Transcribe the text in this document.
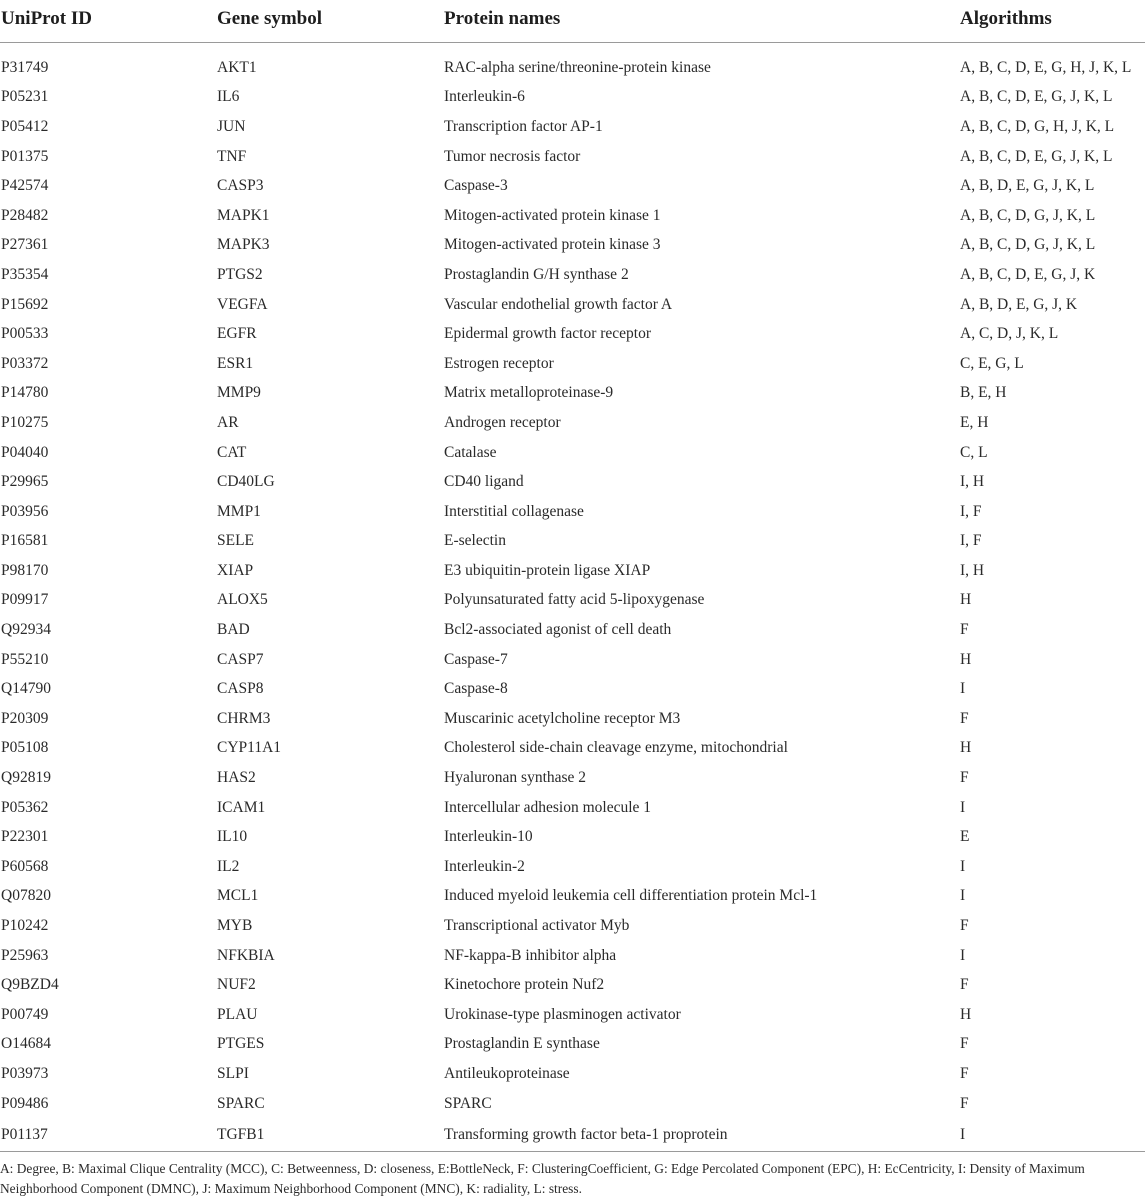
UniProt ID	Gene symbol	Protein names	Algorithms
P31749	AKT1	RAC-alpha serine/threonine-protein kinase	A, B, C, D, E, G, H, J, K, L
P05231	IL6	Interleukin-6	A, B, C, D, E, G, J, K, L
P05412	JUN	Transcription factor AP-1	A, B, C, D, G, H, J, K, L
P01375	TNF	Tumor necrosis factor	A, B, C, D, E, G, J, K, L
P42574	CASP3	Caspase-3	A, B, D, E, G, J, K, L
P28482	MAPK1	Mitogen-activated protein kinase 1	A, B, C, D, G, J, K, L
P27361	MAPK3	Mitogen-activated protein kinase 3	A, B, C, D, G, J, K, L
P35354	PTGS2	Prostaglandin G/H synthase 2	A, B, C, D, E, G, J, K
P15692	VEGFA	Vascular endothelial growth factor A	A, B, D, E, G, J, K
P00533	EGFR	Epidermal growth factor receptor	A, C, D, J, K, L
P03372	ESR1	Estrogen receptor	C, E, G, L
P14780	MMP9	Matrix metalloproteinase-9	B, E, H
P10275	AR	Androgen receptor	E, H
P04040	CAT	Catalase	C, L
P29965	CD40LG	CD40 ligand	I, H
P03956	MMP1	Interstitial collagenase	I, F
P16581	SELE	E-selectin	I, F
P98170	XIAP	E3 ubiquitin-protein ligase XIAP	I, H
P09917	ALOX5	Polyunsaturated fatty acid 5-lipoxygenase	H
Q92934	BAD	Bcl2-associated agonist of cell death	F
P55210	CASP7	Caspase-7	H
Q14790	CASP8	Caspase-8	I
P20309	CHRM3	Muscarinic acetylcholine receptor M3	F
P05108	CYP11A1	Cholesterol side-chain cleavage enzyme, mitochondrial	H
Q92819	HAS2	Hyaluronan synthase 2	F
P05362	ICAM1	Intercellular adhesion molecule 1	I
P22301	IL10	Interleukin-10	E
P60568	IL2	Interleukin-2	I
Q07820	MCL1	Induced myeloid leukemia cell differentiation protein Mcl-1	I
P10242	MYB	Transcriptional activator Myb	F
P25963	NFKBIA	NF-kappa-B inhibitor alpha	I
Q9BZD4	NUF2	Kinetochore protein Nuf2	F
P00749	PLAU	Urokinase-type plasminogen activator	H
O14684	PTGES	Prostaglandin E synthase	F
P03973	SLPI	Antileukoproteinase	F
P09486	SPARC	SPARC	F
P01137	TGFB1	Transforming growth factor beta-1 proprotein	I
A: Degree, B: Maximal Clique Centrality (MCC), C: Betweenness, D: closeness, E:BottleNeck, F: ClusteringCoefficient, G: Edge Percolated Component (EPC), H: EcCentricity, I: Density of Maximum Neighborhood Component (DMNC), J: Maximum Neighborhood Component (MNC), K: radiality, L: stress.
